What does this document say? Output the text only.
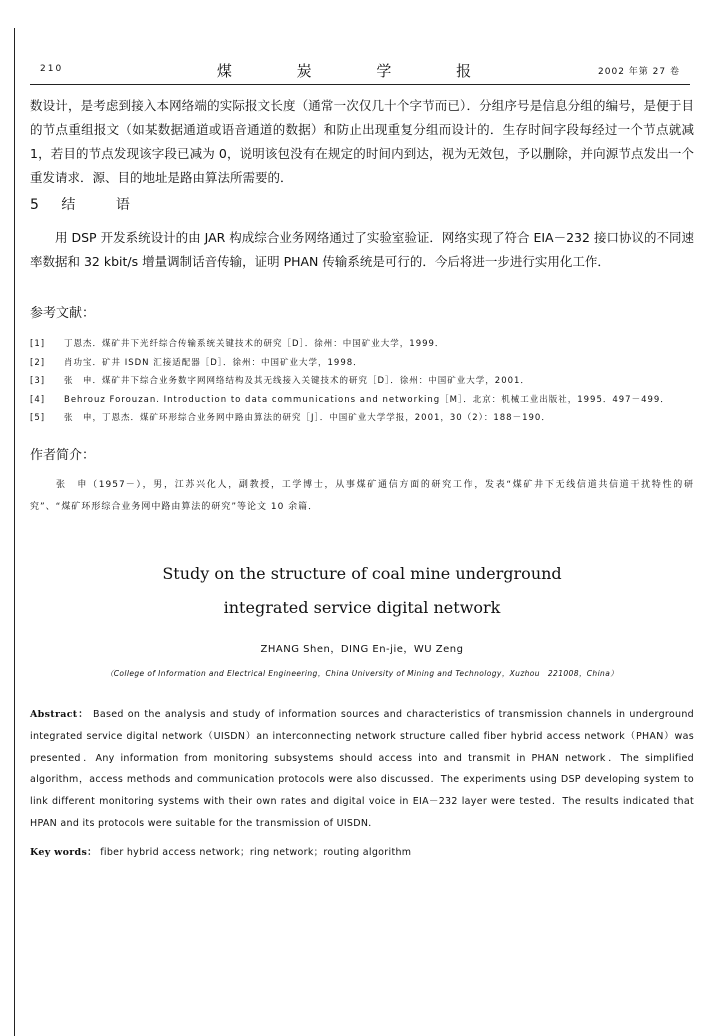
210	煤 炭 学 报	2002 年第 27 卷

数设计，是考虑到接入本网络端的实际报文长度（通常一次仅几十个字节而已）．分组序号是信息分组的编号，是便于目的节点重组报文（如某数据通道或语音通道的数据）和防止出现重复分组而设计的．生存时间字段每经过一个节点就减 1，若目的节点发现该字段已减为 0，说明该包没有在规定的时间内到达，视为无效包，予以删除，并向源节点发出一个重发请求．源、目的地址是路由算法所需要的．

5 结	语

用 DSP 开发系统设计的由 JAR 构成综合业务网络通过了实验室验证．网络实现了符合 EIA－232 接口协议的不同速率数据和 32 kbit/s 增量调制话音传输，证明 PHAN 传输系统是可行的．今后将进一步进行实用化工作．

参考文献：
[1] 丁恩杰．煤矿井下光纤综合传输系统关键技术的研究［D］．徐州：中国矿业大学，1999．
[2] 肖功宝．矿井 ISDN 汇接适配器［D］．徐州：中国矿业大学，1998．
[3] 张　申．煤矿井下综合业务数字网网络结构及其无线接入关键技术的研究［D］．徐州：中国矿业大学，2001．
[4] Behrouz Forouzan. Introduction to data communications and networking［M］．北京：机械工业出版社，1995．497－499．
[5] 张　申，丁恩杰．煤矿环形综合业务网中路由算法的研究［J］．中国矿业大学学报，2001，30（2）：188－190．
作者简介：

张　申（1957－），男，江苏兴化人，副教授，工学博士，从事煤矿通信方面的研究工作，发表“煤矿井下无线信道共信道干扰特性的研究”、“煤矿环形综合业务网中路由算法的研究”等论文 10 余篇．

Study on the structure of coal mine underground
integrated service digital network
ZHANG Shen，DING En-jie，WU Zeng
（College of Information and Electrical Engineering，China University of Mining and Technology，Xuzhou　221008，China）

Abstract： Based on the analysis and study of information sources and characteristics of transmission channels in underground integrated service digital network（UISDN）an interconnecting network structure called fiber hybrid access network（PHAN）was presented．Any information from monitoring subsystems should access into and transmit in PHAN network．The simplified algorithm，access methods and communication protocols were also discussed．The experiments using DSP developing system to link different monitoring systems with their own rates and digital voice in EIA－232 layer were tested．The results indicated that HPAN and its protocols were suitable for the transmission of UISDN．

Key words： fiber hybrid access network；ring network；routing algorithm
